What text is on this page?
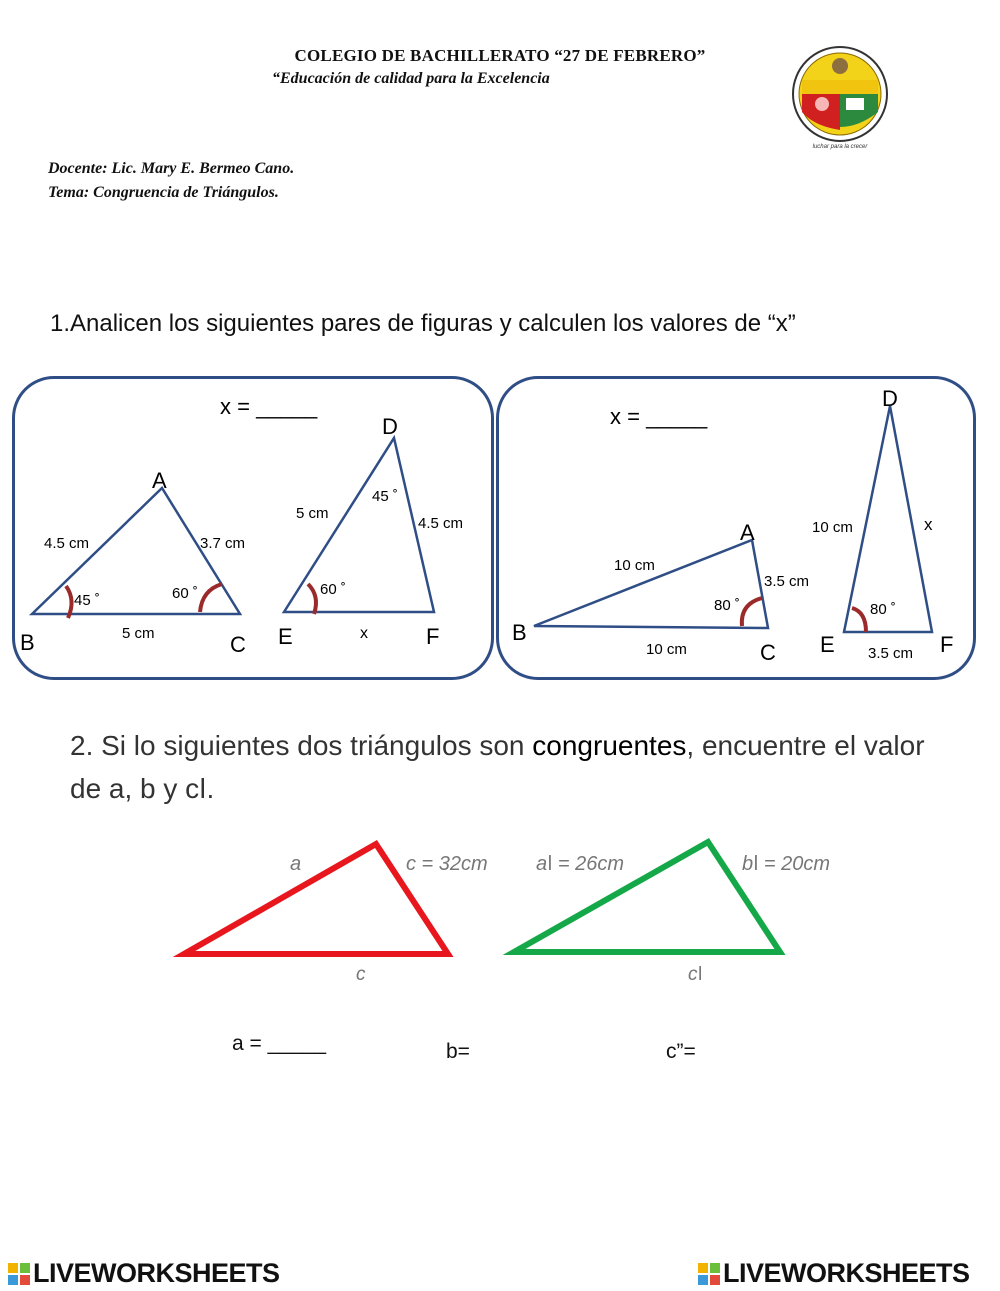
COLEGIO DE BACHILLERATO “27 DE FEBRERO”
“Educación de calidad para la Excelencia
Docente: Lic. Mary E. Bermeo Cano.
Tema: Congruencia de Triángulos.
luchar para la crecer
1.Analicen los siguientes pares de figuras y calculen los valores de “x”
x = _____
A
B	C
4.5 cm	3.7 cm
5 cm
45 ˚	60 ˚
D
E	F
5 cm
4.5 cm
x
45 ˚
60 ˚
x = _____
A
B
C
10 cm
3.5 cm
10 cm
80 ˚
D
E	F
10 cm	x
3.5 cm
80 ˚
2. Si lo siguientes dos triángulos son congruentes, encuentre el valor de a, b y cǀ.
a	c = 32cm
c
aǀ = 26cm	bǀ = 20cm
cǀ
a = _____	b=	c”=
LIVEWORKSHEETS	LIVEWORKSHEETS
